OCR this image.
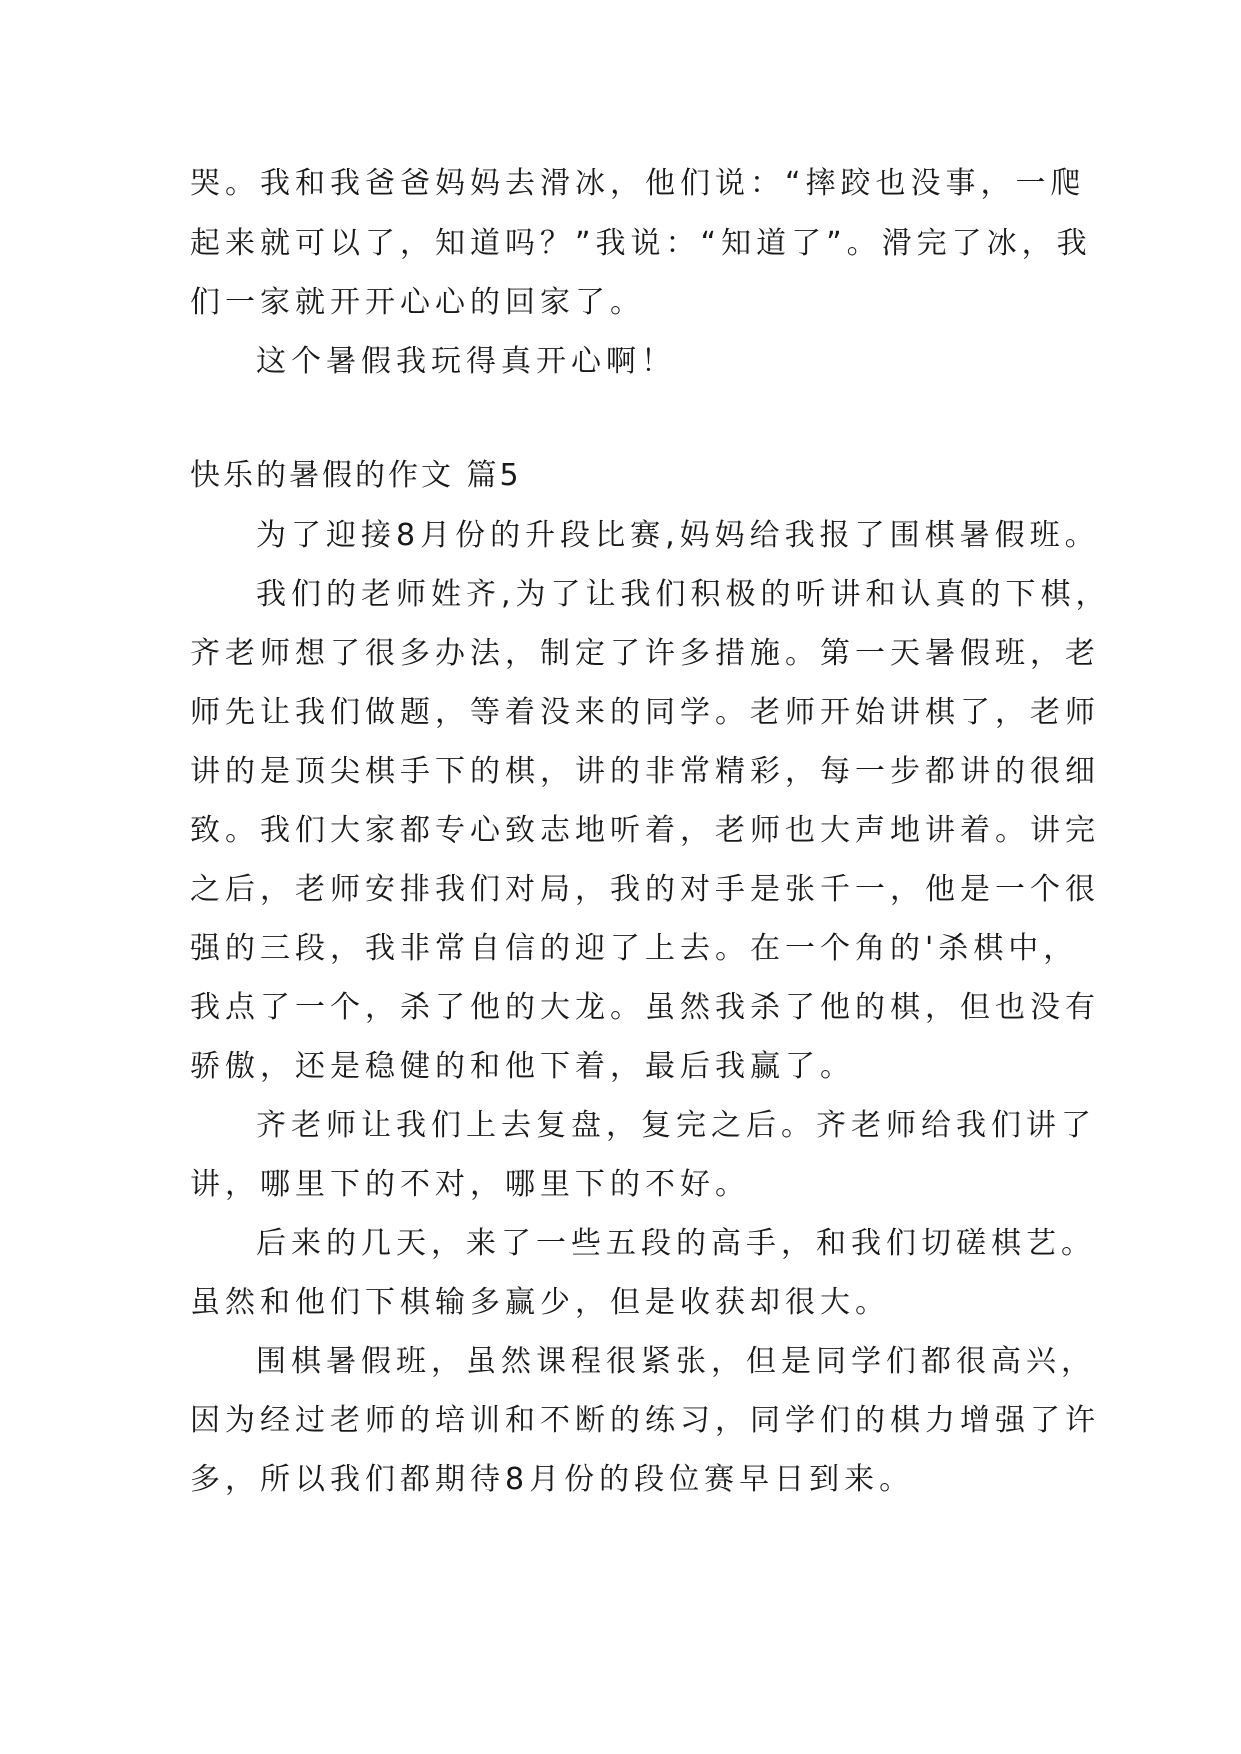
哭。我和我爸爸妈妈去滑冰，他们说：“摔跤也没事，一爬
起来就可以了，知道吗？”我说：“知道了”。滑完了冰，我
们一家就开开心心的回家了。
这个暑假我玩得真开心啊！
快乐的暑假的作文 篇5
为了迎接8月份的升段比赛,妈妈给我报了围棋暑假班。
我们的老师姓齐,为了让我们积极的听讲和认真的下棋，
齐老师想了很多办法，制定了许多措施。第一天暑假班，老
师先让我们做题，等着没来的同学。老师开始讲棋了，老师
讲的是顶尖棋手下的棋，讲的非常精彩，每一步都讲的很细
致。我们大家都专心致志地听着，老师也大声地讲着。讲完
之后，老师安排我们对局，我的对手是张千一，他是一个很
强的三段，我非常自信的迎了上去。在一个角的'杀棋中，
我点了一个，杀了他的大龙。虽然我杀了他的棋，但也没有
骄傲，还是稳健的和他下着，最后我赢了。
齐老师让我们上去复盘，复完之后。齐老师给我们讲了
讲，哪里下的不对，哪里下的不好。
后来的几天，来了一些五段的高手，和我们切磋棋艺。
虽然和他们下棋输多赢少，但是收获却很大。
围棋暑假班，虽然课程很紧张，但是同学们都很高兴，
因为经过老师的培训和不断的练习，同学们的棋力增强了许
多，所以我们都期待8月份的段位赛早日到来。
